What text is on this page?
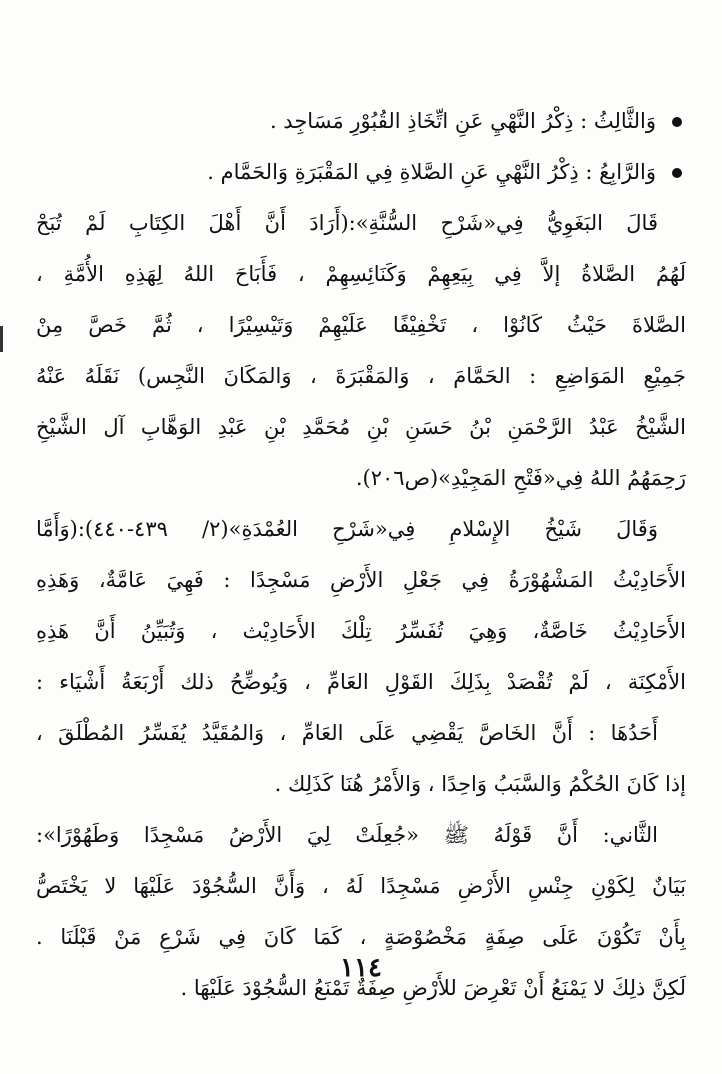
وَالثَّالِثُ : ذِكْرُ النَّهْيِ عَنِ اتِّخَاذِ القُبُوْرِ مَسَاجِد .
وَالرَّابِعُ : ذِكْرُ النَّهْيِ عَنِ الصَّلاةِ فِي المَقْبَرَةِ وَالحَمَّام .
قَالَ البَغَوِيُّ فِي«شَرْحِ السُّنَّةِ»:(أَرَادَ أَنَّ أَهْلَ الكِتَابِ لَمْ تُبَحْ
لَهُمُ الصَّلاةُ إلاَّ فِي بِيَعِهِمْ وَكَنَائِسِهِمْ ، فَأَبَاحَ اللهُ لِهَذِهِ الأُمَّةِ ،
الصَّلاةَ حَيْثُ كَانُوْا ، تَخْفِيْفًا عَلَيْهِمْ وَتَيْسِيْرًا ، ثُمَّ خَصَّ مِنْ
جَمِيْعِ المَوَاضِعِ : الحَمَّامَ ، وَالمَقْبَرَةَ ، وَالمَكَانَ النَّجِس) نَقَلَهُ عَنْهُ
الشَّيْخُ عَبْدُ الرَّحْمَنِ بْنُ حَسَنِ بْنِ مُحَمَّدِ بْنِ عَبْدِ الوَهَّابِ آل الشَّيْخِ
رَحِمَهُمُ اللهُ فِي«فَتْحِ المَجِيْدِ»(ص٢٠٦).
وَقَالَ شَيْخُ الإِسْلامِ فِي«شَرْحِ العُمْدَةِ»(٢/ ٤٣٩-٤٤٠):(وَأَمَّا
الأَحَادِيْثُ المَشْهُوْرَةُ فِي جَعْلِ الأَرْضِ مَسْجِدًا : فَهِيَ عَامَّةٌ، وَهَذِهِ
الأَحَادِيْثُ خَاصَّةٌ، وَهِيَ تُفَسِّرُ تِلْكَ الأَحَادِيْث ، وَتُبَيِّنُ أَنَّ هَذِهِ
الأَمْكِنَة ، لَمْ تُقْصَدْ بِذَلِكَ القَوْلِ العَامِّ ، وَيُوضِّحُ ذلك أَرْبَعَةُ أَشْيَاء :
أَحَدُهَا : أَنَّ الخَاصَّ يَقْضِي عَلَى العَامِّ ، وَالمُقَيَّدُ يُفَسِّرُ المُطْلَقَ ،
إذا كَانَ الحُكْمُ وَالسَّبَبُ وَاحِدًا ، وَالأَمْرُ هُنَا كَذَلِك .
الثَّاني: أَنَّ قَوْلَهُ ﷺ «جُعِلَتْ لِيَ الأَرْضُ مَسْجِدًا وَطَهُوْرًا»:
بَيَانٌ لِكَوْنِ جِنْسِ الأَرْضِ مَسْجِدًا لَهُ ، وَأَنَّ السُّجُوْدَ عَلَيْهَا لا يَخْتَصُّ
بِأَنْ تَكُوْنَ عَلَى صِفَةٍ مَخْصُوْصَةٍ ، كَمَا كَانَ فِي شَرْعِ مَنْ قَبْلَنَا .
لَكِنَّ ذلِكَ لا يَمْنَعُ أَنْ تَعْرِضَ للأَرْضِ صِفَةٌ تَمْنَعُ السُّجُوْدَ عَلَيْهَا .
١١٤
